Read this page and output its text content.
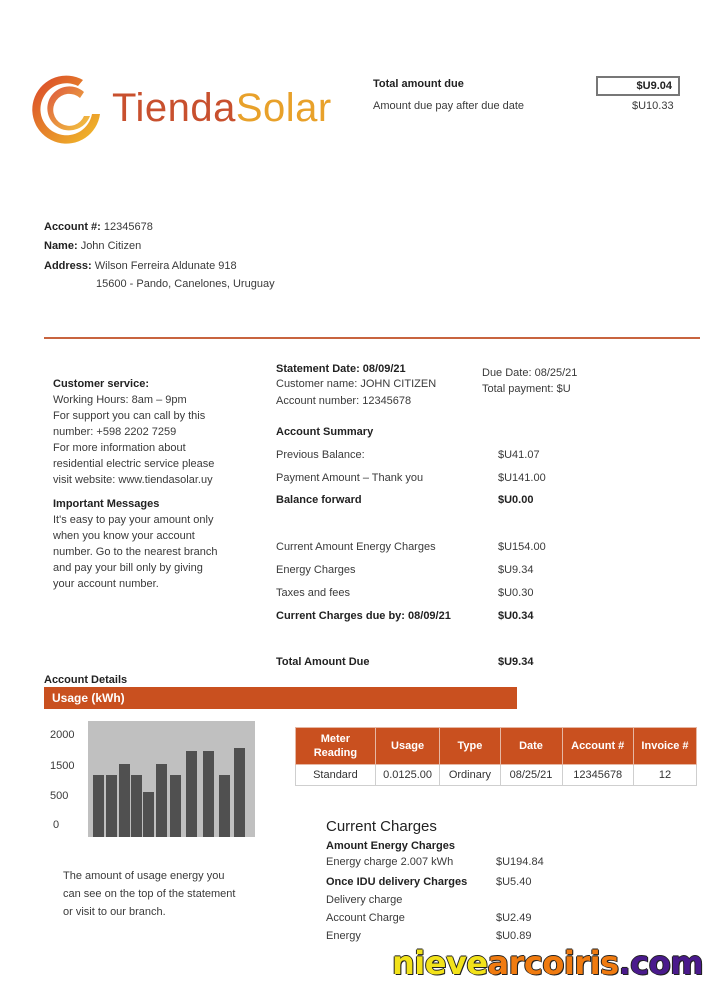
TiendaSolar
Total amount due	$U9.04
Amount due pay after due date	$U10.33
Account #: 12345678
Name: John Citizen
Address: Wilson Ferreira Aldunate 918
15600 - Pando, Canelones, Uruguay
Customer service:
Working Hours: 8am – 9pm
For support you can call by this
number: +598 2202 7259
For more information about
residential electric service please
visit website: www.tiendasolar.uy
Important Messages
It's easy to pay your amount only
when you know your account
number. Go to the nearest branch
and pay your bill only by giving
your account number.
Statement Date: 08/09/21
Customer name: JOHN CITIZEN
Account number: 12345678
Due Date: 08/25/21
Total payment: $U
Account Summary
Previous Balance:	$U41.07
Payment Amount – Thank you	$U141.00
Balance forward	$U0.00
Current Amount Energy Charges	$U154.00
Energy Charges	$U9.34
Taxes and fees	$U0.30
Current Charges due by: 08/09/21	$U0.34
Total Amount Due	$U9.34
Account Details
Usage (kWh)
2000
1500
500
0
The amount of usage energy you
can see on the top of the statement
or visit to our branch.
Meter Reading	Usage	Type	Date	Account #	Invoice #
Standard	0.0125.00	Ordinary	08/25/21	12345678	12
Current Charges
Amount Energy Charges
Energy charge 2.007 kWh	$U194.84
Once IDU delivery Charges	$U5.40
Delivery charge
Account Charge	$U2.49
Energy	$U0.89
nievearcoiris.com
